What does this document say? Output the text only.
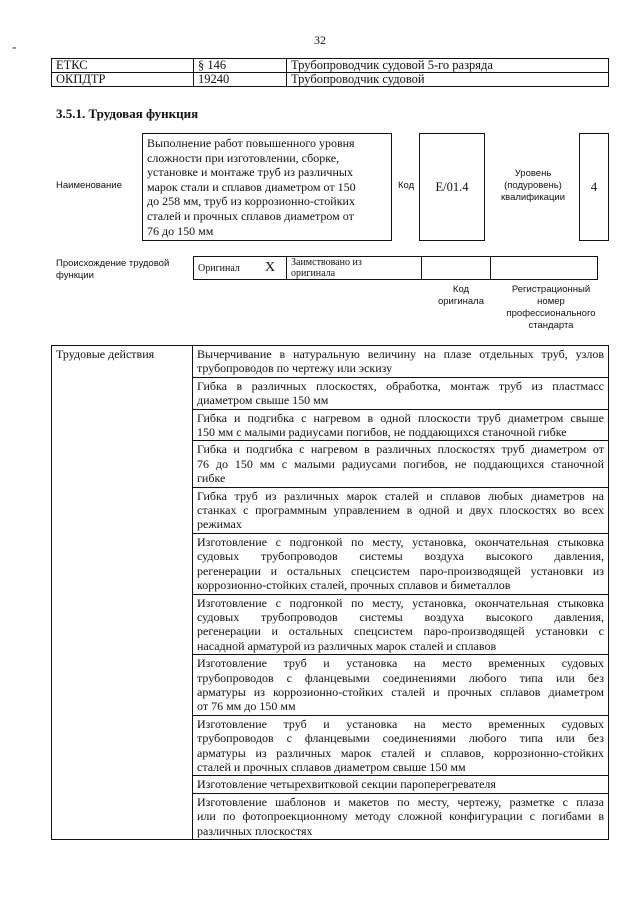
32
-
ЕТКС	§ 146	Трубопроводчик судовой 5-го разряда
ОКПДТР	19240	Трубопроводчик судовой
3.5.1. Трудовая функция
Наименование
Выполнение работ повышенного уровня
сложности при изготовлении, сборке,
установке и монтаже труб из различных
марок стали и сплавов диаметром от 150
до 258 мм, труб из коррозионно-стойких
сталей и прочных сплавов диаметром от
76 до 150 мм
Код	E/01.4
Уровень
(подуровень)
квалификации
4
Происхождение трудовой
функции
Оригинал	X	Заимствовано из
оригинала

Код
оригинала
Регистрационный
номер
профессионального
стандарта
Трудовые действия	Вычерчивание в натуральную величину на плазе отдельных труб, узлов
трубопроводов по чертежу или эскизу

Гибка в различных плоскостях, обработка, монтаж труб из пластмасс
диаметром свыше 150 мм

Гибка и подгибка с нагревом в одной плоскости труб диаметром свыше
150 мм с малыми радиусами погибов, не поддающихся станочной гибке

Гибка и подгибка с нагревом в различных плоскостях труб диаметром от
76 до 150 мм с малыми радиусами погибов, не поддающихся станочной
гибке

Гибка труб из различных марок сталей и сплавов любых диаметров на
станках с программным управлением в одной и двух плоскостях во всех
режимах

Изготовление с подгонкой по месту, установка, окончательная стыковка
судовых трубопроводов системы воздуха высокого давления,
регенерации и остальных спецсистем паро-производящей установки из
коррозионно-стойких сталей, прочных сплавов и биметаллов

Изготовление с подгонкой по месту, установка, окончательная стыковка
судовых трубопроводов системы воздуха высокого давления,
регенерации и остальных спецсистем паро-производящей установки с
насадной арматурой из различных марок сталей и сплавов

Изготовление труб и установка на место временных судовых
трубопроводов с фланцевыми соединениями любого типа или без
арматуры из коррозионно-стойких сталей и прочных сплавов диаметром
от 76 мм до 150 мм

Изготовление труб и установка на место временных судовых
трубопроводов с фланцевыми соединениями любого типа или без
арматуры из различных марок сталей и сплавов, коррозионно-стойких
сталей и прочных сплавов диаметром свыше 150 мм

Изготовление четырехвитковой секции пароперегревателя

Изготовление шаблонов и макетов по месту, чертежу, разметке с плаза
или по фотопроекционному методу сложной конфигурации с погибами в
различных плоскостях
